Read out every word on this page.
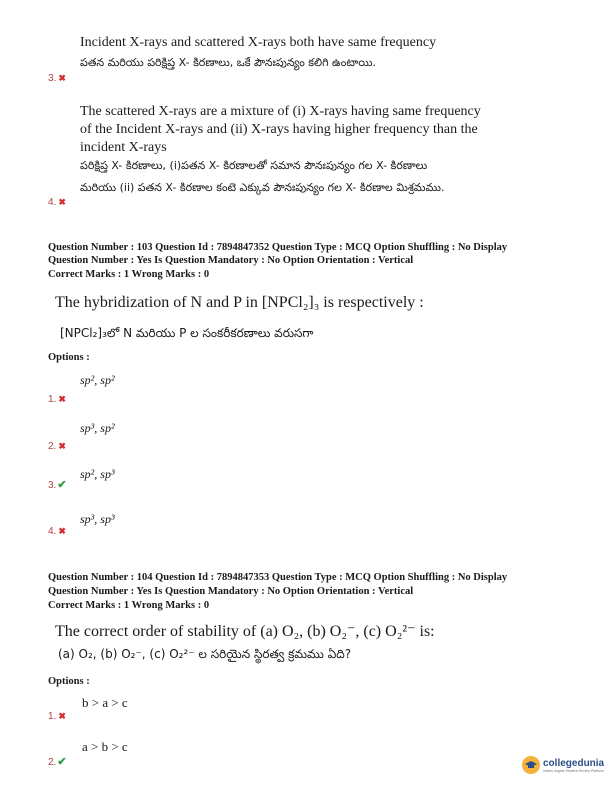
Incident X-rays and scattered X-rays both have same frequency
పతన మరియు పరిక్షిప్త X- కిరణాలు, ఒకే పౌనఃపున్యం కలిగి ఉంటాయి.
3. ✖
The scattered X-rays are a mixture of (i) X-rays having same frequency
of the Incident X-rays and (ii) X-rays having higher frequency than the
incident X-rays
పరిక్షిప్త X- కిరణాలు, (i)పతన X- కిరణాలతో సమాన పౌనఃపున్యం గల X- కిరణాలు
మరియు (ii) పతన X- కిరణాల కంటె ఎక్కువ పౌనఃపున్యం గల X- కిరణాల మిశ్రమము.
4. ✖
Question Number : 103 Question Id : 7894847352 Question Type : MCQ Option Shuffling : No Display
Question Number : Yes Is Question Mandatory : No Option Orientation : Vertical
Correct Marks : 1 Wrong Marks : 0
The hybridization of N and P in [NPCl₂]₃ is respectively :
[NPCl₂]₃లో N మరియు P ల సంకరీకరణాలు వరుసగా
Options :
sp², sp²
1. ✖
sp³, sp²
2. ✖
sp², sp³
3.✔
sp³, sp³
4. ✖
Question Number : 104 Question Id : 7894847353 Question Type : MCQ Option Shuffling : No Display
Question Number : Yes Is Question Mandatory : No Option Orientation : Vertical
Correct Marks : 1 Wrong Marks : 0
The correct order of stability of (a) O₂, (b) O₂⁻, (c) O₂²⁻ is:
(a) O₂, (b) O₂⁻, (c) O₂²⁻ ల సరియైన స్థిరత్వ క్రమము ఏది?
Options :
b > a > c
1. ✖
a > b > c
2.✔	collegedunia
India's largest Student Review Platform
